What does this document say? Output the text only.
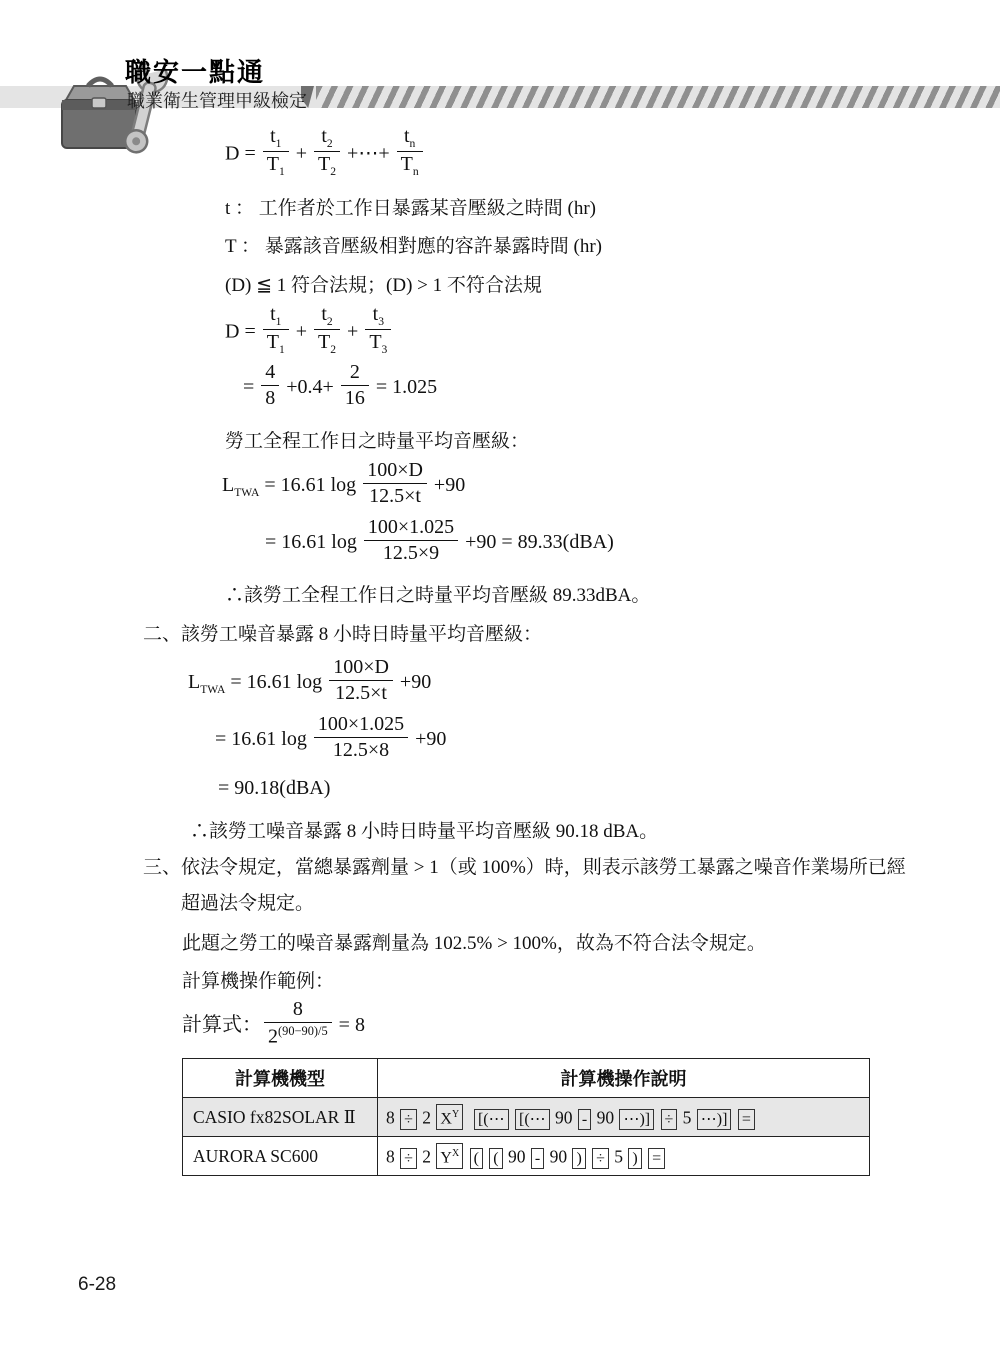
職安一點通
職業衛生管理甲級檢定
$D = \frac{t_1}{T_1} + \frac{t_2}{T_2}$ +⋯+ $\frac{t_n}{T_n}$
t ： 工作者於工作日暴露某音壓級之時間 (hr)
T ： 暴露該音壓級相對應的容許暴露時間 (hr)
(D) ≦ 1 符合法規；(D) > 1 不符合法規
$D = \frac{t_1}{T_1} + \frac{t_2}{T_2} + \frac{t_3}{T_3}$
= $\frac{4}{8} +0.4+ \frac{2}{16} = 1.025$
勞工全程工作日之時量平均音壓級：
$L_{TWA} = 16.61$ $\log \frac{100\times D}{12.5\times t} +90$
= 16.61 $\log \frac{100\times 1.025}{12.5\times 9} +90 = 89.33(dBA)$
∴該勞工全程工作日之時量平均音壓級 89.33dBA。
二、 該勞工噪音暴露 8 小時日時量平均音壓級：
$L_{TWA} = 16.61$ $\log \frac{100\times D}{12.5\times t} +90$
= 16.61 $\log \frac{100\times 1.025}{12.5\times 8} +90$
= 90.18(dBA)
∴該勞工噪音暴露 8 小時日時量平均音壓級 90.18 dBA。
三、 依法令規定，當總暴露劑量 > 1（或 100%）時，則表示該勞工暴露之噪音作業場所已經超過法令規定。
此題之勞工的噪音暴露劑量為 102.5% > 100%，故為不符合法令規定。
計算機操作範例：
計算式： $\frac{8}{2^{(90-90)/5}} = 8$
計算機機型	計算機操作說明
CASIO fx82SOLAR Ⅱ	8 ÷ 2 $X^Y$ [(⋯ [(⋯ 90 - 90 ⋯)] ÷ 5 ⋯)] =
AURORA SC600	8 ÷ 2 $Y^X$ ( ( 90 - 90 ) ÷ 5 ) =
6-28
